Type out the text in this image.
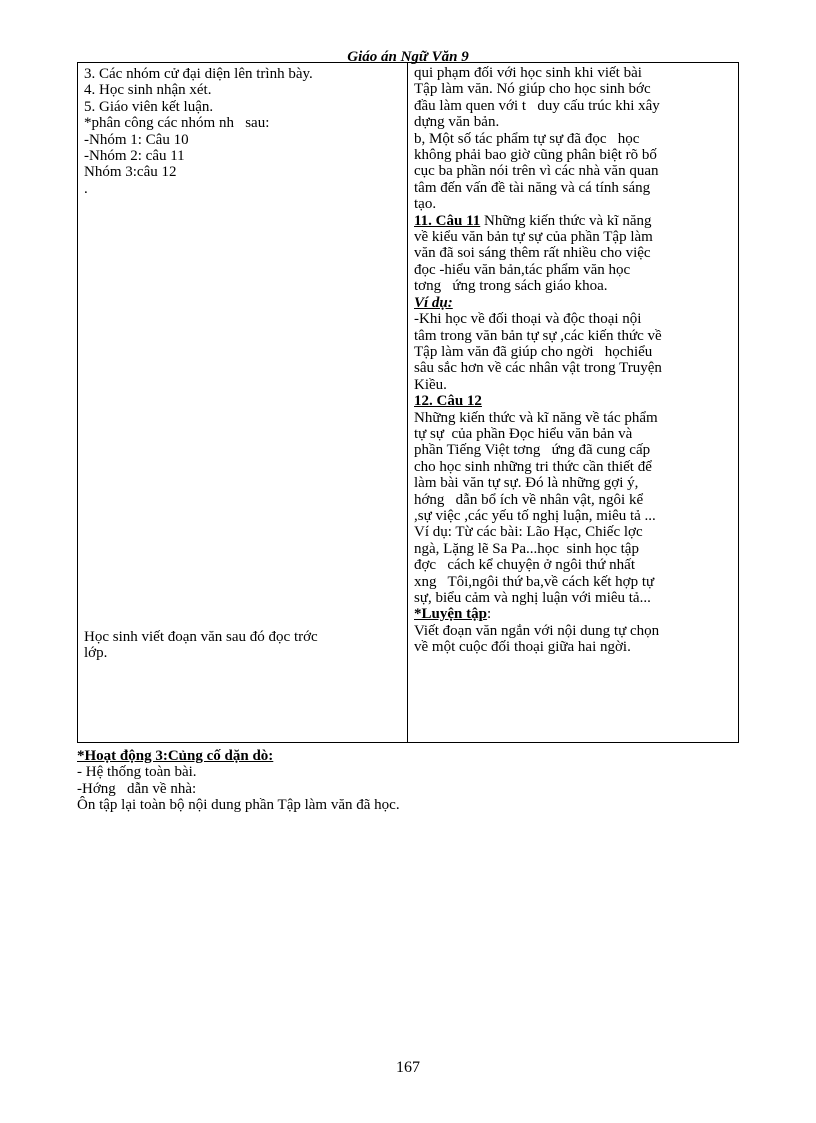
Giáo án Ngữ Văn 9
3. Các nhóm cử đại diện lên trình bày.
4. Học sinh nhận xét.
5. Giáo viên kết luận.
*phân công các nhóm nh   sau:
-Nhóm 1: Câu 10
-Nhóm 2: câu 11
Nhóm 3:câu 12
.
Học sinh viết đoạn văn sau đó đọc trớc
lớp.
qui phạm đối với học sinh khi viết bài
Tập làm văn. Nó giúp cho học sinh bớc
đầu làm quen với t   duy cấu trúc khi xây
dựng văn bản.
b, Một số tác phẩm tự sự đã đọc   học
không phải bao giờ cũng phân biệt rõ bố
cục ba phần nói trên vì các nhà văn quan
tâm đến vấn đề tài năng và cá tính sáng
tạo.
11. Câu 11 Những kiến thức và kĩ năng
về kiểu văn bản tự sự của phần Tập làm
văn đã soi sáng thêm rất nhiều cho việc
đọc -hiểu văn bản,tác phẩm văn học
tơng   ứng trong sách giáo khoa.
Ví dụ:
-Khi học về đối thoại và độc thoại nội
tâm trong văn bản tự sự ,các kiến thức về
Tập làm văn đã giúp cho ngời   họchiểu
sâu sắc hơn về các nhân vật trong Truyện
Kiều.
12. Câu 12
Những kiến thức và kĩ năng về tác phẩm
tự sự  của phần Đọc hiểu văn bản và
phần Tiếng Việt tơng   ứng đã cung cấp
cho học sinh những tri thức cần thiết để
làm bài văn tự sự. Đó là những gợi ý,
hớng   dẫn bổ ích về nhân vật, ngôi kể
,sự việc ,các yếu tố nghị luận, miêu tả ...
Ví dụ: Từ các bài: Lão Hạc, Chiếc lợc
ngà, Lặng lẽ Sa Pa...học  sinh học tập
đợc   cách kể chuyện ở ngôi thứ nhất
xng   Tôi,ngôi thứ ba,về cách kết hợp tự
sự, biểu cảm và nghị luận với miêu tả...
*Luyện tập:
Viết đoạn văn ngắn với nội dung tự chọn
về một cuộc đối thoại giữa hai ngời.
*Hoạt động 3:Củng cố dặn dò:
- Hệ thống toàn bài.
-Hớng   dẫn về nhà:
Ôn tập lại toàn bộ nội dung phần Tập làm văn đã học.
167
